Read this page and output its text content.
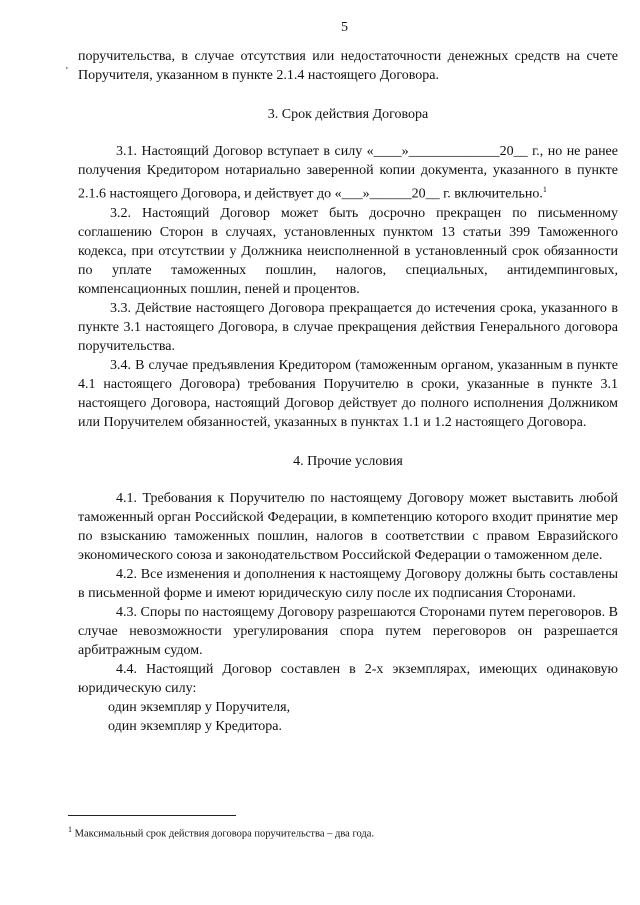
5
'

поручительства, в случае отсутствия или недостаточности денежных средств на счете Поручителя, указанном в пункте 2.1.4 настоящего Договора.

3. Срок действия Договора

3.1. Настоящий Договор вступает в силу «____»_____________20__ г., но не ранее получения Кредитором нотариально заверенной копии документа, указанного в пункте 2.1.6 настоящего Договора, и действует до «___»______20__ г. включительно.$^1$

3.2. Настоящий Договор может быть досрочно прекращен по письменному соглашению Сторон в случаях, установленных пунктом 13 статьи 399 Таможенного кодекса, при отсутствии у Должника неисполненной в установленный срок обязанности по уплате таможенных пошлин, налогов, специальных, антидемпинговых, компенсационных пошлин, пеней и процентов.

3.3. Действие настоящего Договора прекращается до истечения срока, указанного в пункте 3.1 настоящего Договора, в случае прекращения действия Генерального договора поручительства.

3.4. В случае предъявления Кредитором (таможенным органом, указанным в пункте 4.1 настоящего Договора) требования Поручителю в сроки, указанные в пункте 3.1 настоящего Договора, настоящий Договор действует до полного исполнения Должником или Поручителем обязанностей, указанных в пунктах 1.1 и 1.2 настоящего Договора.

4. Прочие условия

4.1. Требования к Поручителю по настоящему Договору может выставить любой таможенный орган Российской Федерации, в компетенцию которого входит принятие мер по взысканию таможенных пошлин, налогов в соответствии с правом Евразийского экономического союза и законодательством Российской Федерации о таможенном деле.

4.2. Все изменения и дополнения к настоящему Договору должны быть составлены в письменной форме и имеют юридическую силу после их подписания Сторонами.

4.3. Споры по настоящему Договору разрешаются Сторонами путем переговоров. В случае невозможности урегулирования спора путем переговоров он разрешается арбитражным судом.

4.4. Настоящий Договор составлен в 2-х экземплярах, имеющих одинаковую юридическую силу:

один экземпляр у Поручителя,

один экземпляр у Кредитора.

$^1$ Максимальный срок действия договора поручительства – два года.
